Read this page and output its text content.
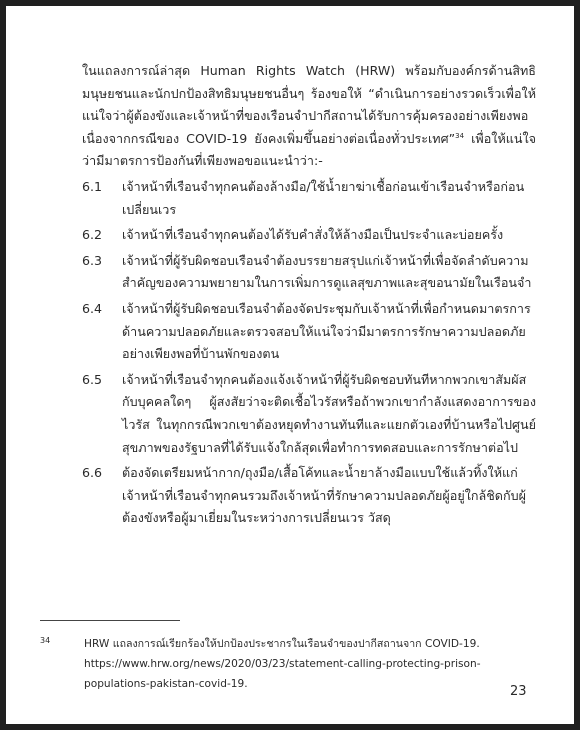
ในแถลงการณ์ล่าสุด Human Rights Watch (HRW) พร้อมกับองค์กรด้านสิทธิมนุษยชนและนักปกป้องสิทธิมนุษยชนอื่นๆ ร้องขอให้ “ดำเนินการอย่างรวดเร็วเพื่อให้แน่ใจว่าผู้ต้องขังและเจ้าหน้าที่ของเรือนจำปากีสถานได้รับการคุ้มครองอย่างเพียงพอเนื่องจากกรณีของ COVID-19 ยังคงเพิ่มขึ้นอย่างต่อเนื่องทั่วประเทศ”$^{34}$ เพื่อให้แน่ใจว่ามีมาตรการป้องกันที่เพียงพอขอแนะนำว่า:-

6.1	เจ้าหน้าที่เรือนจำทุกคนต้องล้างมือ/ใช้น้ำยาฆ่าเชื้อก่อนเข้าเรือนจำหรือก่อนเปลี่ยนเวร
6.2	เจ้าหน้าที่เรือนจำทุกคนต้องได้รับคำสั่งให้ล้างมือเป็นประจำและบ่อยครั้ง
6.3	เจ้าหน้าที่ผู้รับผิดชอบเรือนจำต้องบรรยายสรุปแก่เจ้าหน้าที่เพื่อจัดลำดับความสำคัญของความพยายามในการเพิ่มการดูแลสุขภาพและสุขอนามัยในเรือนจำ
6.4	เจ้าหน้าที่ผู้รับผิดชอบเรือนจำต้องจัดประชุมกับเจ้าหน้าที่เพื่อกำหนดมาตรการด้านความปลอดภัยและตรวจสอบให้แน่ใจว่ามีมาตรการรักษาความปลอดภัยอย่างเพียงพอที่บ้านพักของตน
6.5	เจ้าหน้าที่เรือนจำทุกคนต้องแจ้งเจ้าหน้าที่ผู้รับผิดชอบทันทีหากพวกเขาสัมผัสกับบุคคลใดๆ ผู้สงสัยว่าจะติดเชื้อไวรัสหรือถ้าพวกเขากำลังแสดงอาการของไวรัส ในทุกกรณีพวกเขาต้องหยุดทำงานทันทีและแยกตัวเองที่บ้านหรือไปศูนย์สุขภาพของรัฐบาลที่ได้รับแจ้งใกล้สุดเพื่อทำการทดสอบและการรักษาต่อไป
6.6	ต้องจัดเตรียมหน้ากาก/ถุงมือ/เสื้อโค้ทและน้ำยาล้างมือแบบใช้แล้วทิ้งให้แก่เจ้าหน้าที่เรือนจำทุกคนรวมถึงเจ้าหน้าที่รักษาความปลอดภัยผู้อยู่ใกล้ชิดกับผู้ต้องขังหรือผู้มาเยี่ยมในระหว่างการเปลี่ยนเวร วัสดุ
34	HRW แถลงการณ์เรียกร้องให้ปกป้องประชากรในเรือนจำของปากีสถานจาก COVID-19. https://www.hrw.org/news/2020/03/23/statement-calling-protecting-prison-populations-pakistan-covid-19.	23
